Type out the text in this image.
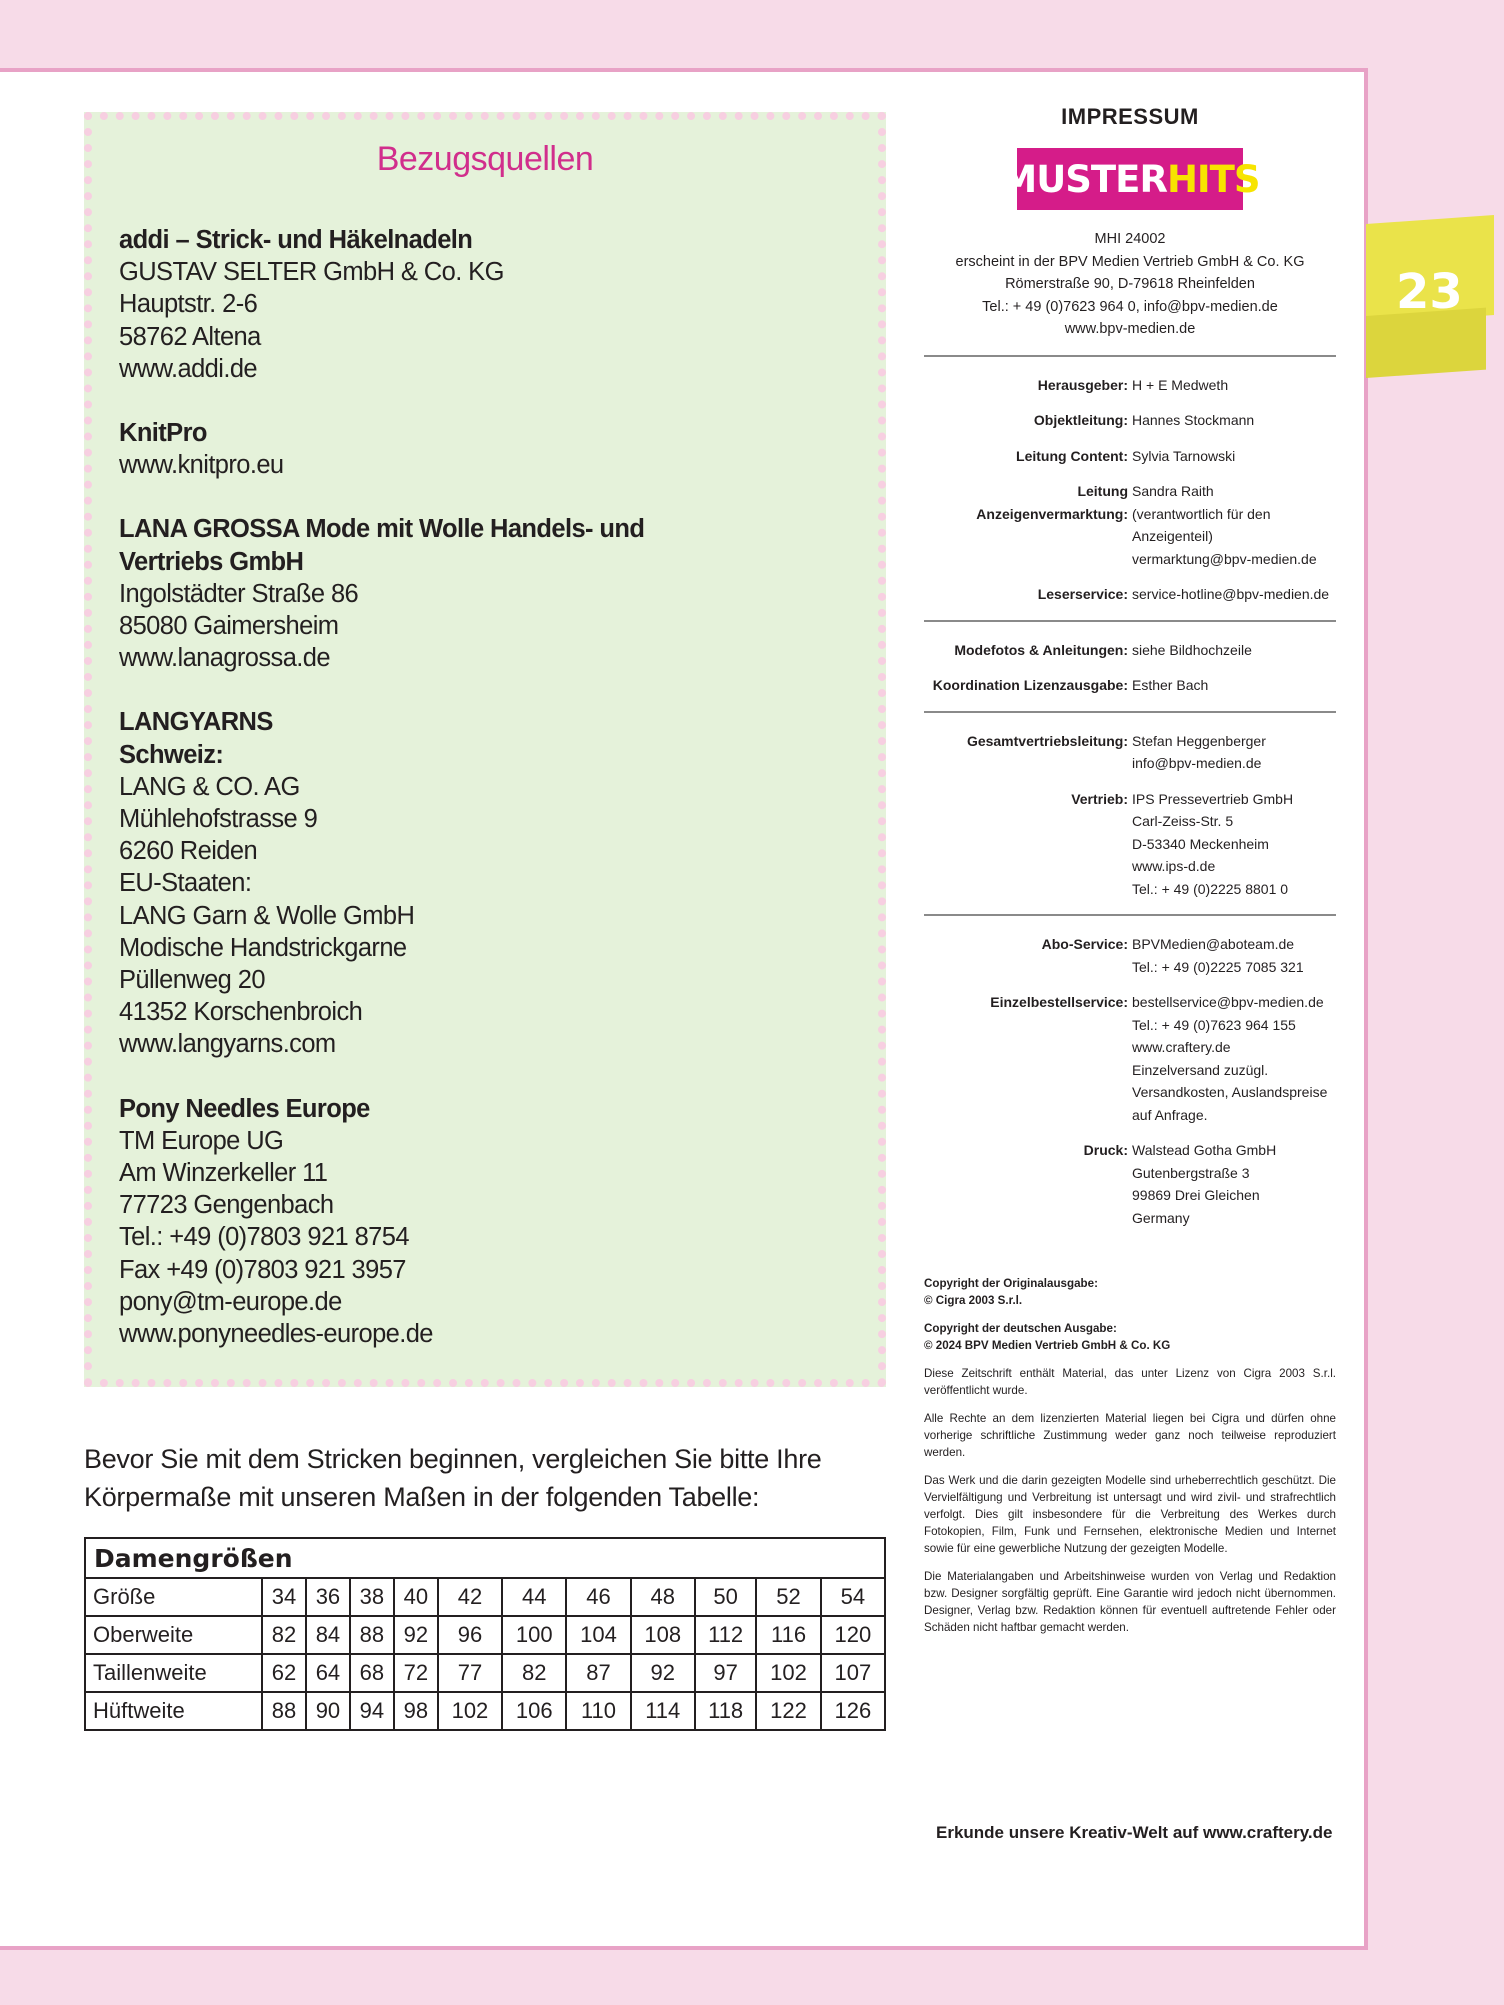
23
Bezugsquellen
addi – Strick- und Häkelnadeln
GUSTAV SELTER GmbH & Co. KG
Hauptstr. 2-6
58762 Altena
www.addi.de
KnitPro
www.knitpro.eu
LANA GROSSA Mode mit Wolle Handels- und
Vertriebs GmbH
Ingolstädter Straße 86
85080 Gaimersheim
www.lanagrossa.de
LANGYARNS
Schweiz:
LANG & CO. AG
Mühlehofstrasse 9
6260 Reiden
EU-Staaten:
LANG Garn & Wolle GmbH
Modische Handstrickgarne
Püllenweg 20
41352 Korschenbroich
www.langyarns.com
Pony Needles Europe
TM Europe UG
Am Winzerkeller 11
77723 Gengenbach
Tel.: +49 (0)7803 921 8754
Fax +49 (0)7803 921 3957
pony@tm-europe.de
www.ponyneedles-europe.de
Bevor Sie mit dem Stricken beginnen, vergleichen Sie bitte Ihre
Körpermaße mit unseren Maßen in der folgenden Tabelle:
Damengrößen											
Größe	34	36	38	40	42	44	46	48	50	52	54
Oberweite	82	84	88	92	96	100	104	108	112	116	120
Taillenweite	62	64	68	72	77	82	87	92	97	102	107
Hüftweite	88	90	94	98	102	106	110	114	118	122	126
IMPRESSUM
MUSTER HITS
MHI 24002
erscheint in der BPV Medien Vertrieb GmbH & Co. KG
Römerstraße 90, D-79618 Rheinfelden
Tel.: + 49 (0)7623 964 0, info@bpv-medien.de
www.bpv-medien.de
Herausgeber: H + E Medweth
Objektleitung: Hannes Stockmann
Leitung Content: Sylvia Tarnowski
Leitung Anzeigenvermarktung:
Sandra Raith
(verantwortlich für den
Anzeigenteil)
vermarktung@bpv-medien.de
Leserservice: service-hotline@bpv-medien.de
Modefotos & Anleitungen: siehe Bildhochzeile
Koordination Lizenzausgabe: Esther Bach
Gesamtvertriebsleitung: Stefan Heggenberger
info@bpv-medien.de
Vertrieb: IPS Pressevertrieb GmbH
Carl-Zeiss-Str. 5
D-53340 Meckenheim
www.ips-d.de
Tel.: + 49 (0)2225 8801 0
Abo-Service: BPVMedien@aboteam.de
Tel.: + 49 (0)2225 7085 321
Einzelbestellservice: bestellservice@bpv-medien.de
Tel.: + 49 (0)7623 964 155
www.craftery.de
Einzelversand zuzügl.
Versandkosten, Auslandspreise
auf Anfrage.
Druck: Walstead Gotha GmbH
Gutenbergstraße 3
99869 Drei Gleichen
Germany
Copyright der Originalausgabe:
© Cigra 2003 S.r.l.
Copyright der deutschen Ausgabe:
© 2024 BPV Medien Vertrieb GmbH & Co. KG

Diese Zeitschrift enthält Material, das unter Lizenz von Cigra 2003 S.r.l. veröffentlicht wurde.

Alle Rechte an dem lizenzierten Material liegen bei Cigra und dürfen ohne vorherige schriftliche Zustimmung weder ganz noch teilweise reproduziert werden.

Das Werk und die darin gezeigten Modelle sind urheberrechtlich geschützt. Die Vervielfältigung und Verbreitung ist untersagt und wird zivil- und strafrechtlich verfolgt. Dies gilt insbesondere für die Verbreitung des Werkes durch Fotokopien, Film, Funk und Fernsehen, elektronische Medien und Internet sowie für eine gewerbliche Nutzung der gezeigten Modelle.

Die Materialangaben und Arbeitshinweise wurden von Verlag und Redaktion bzw. Designer sorgfältig geprüft. Eine Garantie wird jedoch nicht übernommen. Designer, Verlag bzw. Redaktion können für eventuell auftretende Fehler oder Schäden nicht haftbar gemacht werden.

Erkunde unsere Kreativ-Welt auf www.craftery.de
